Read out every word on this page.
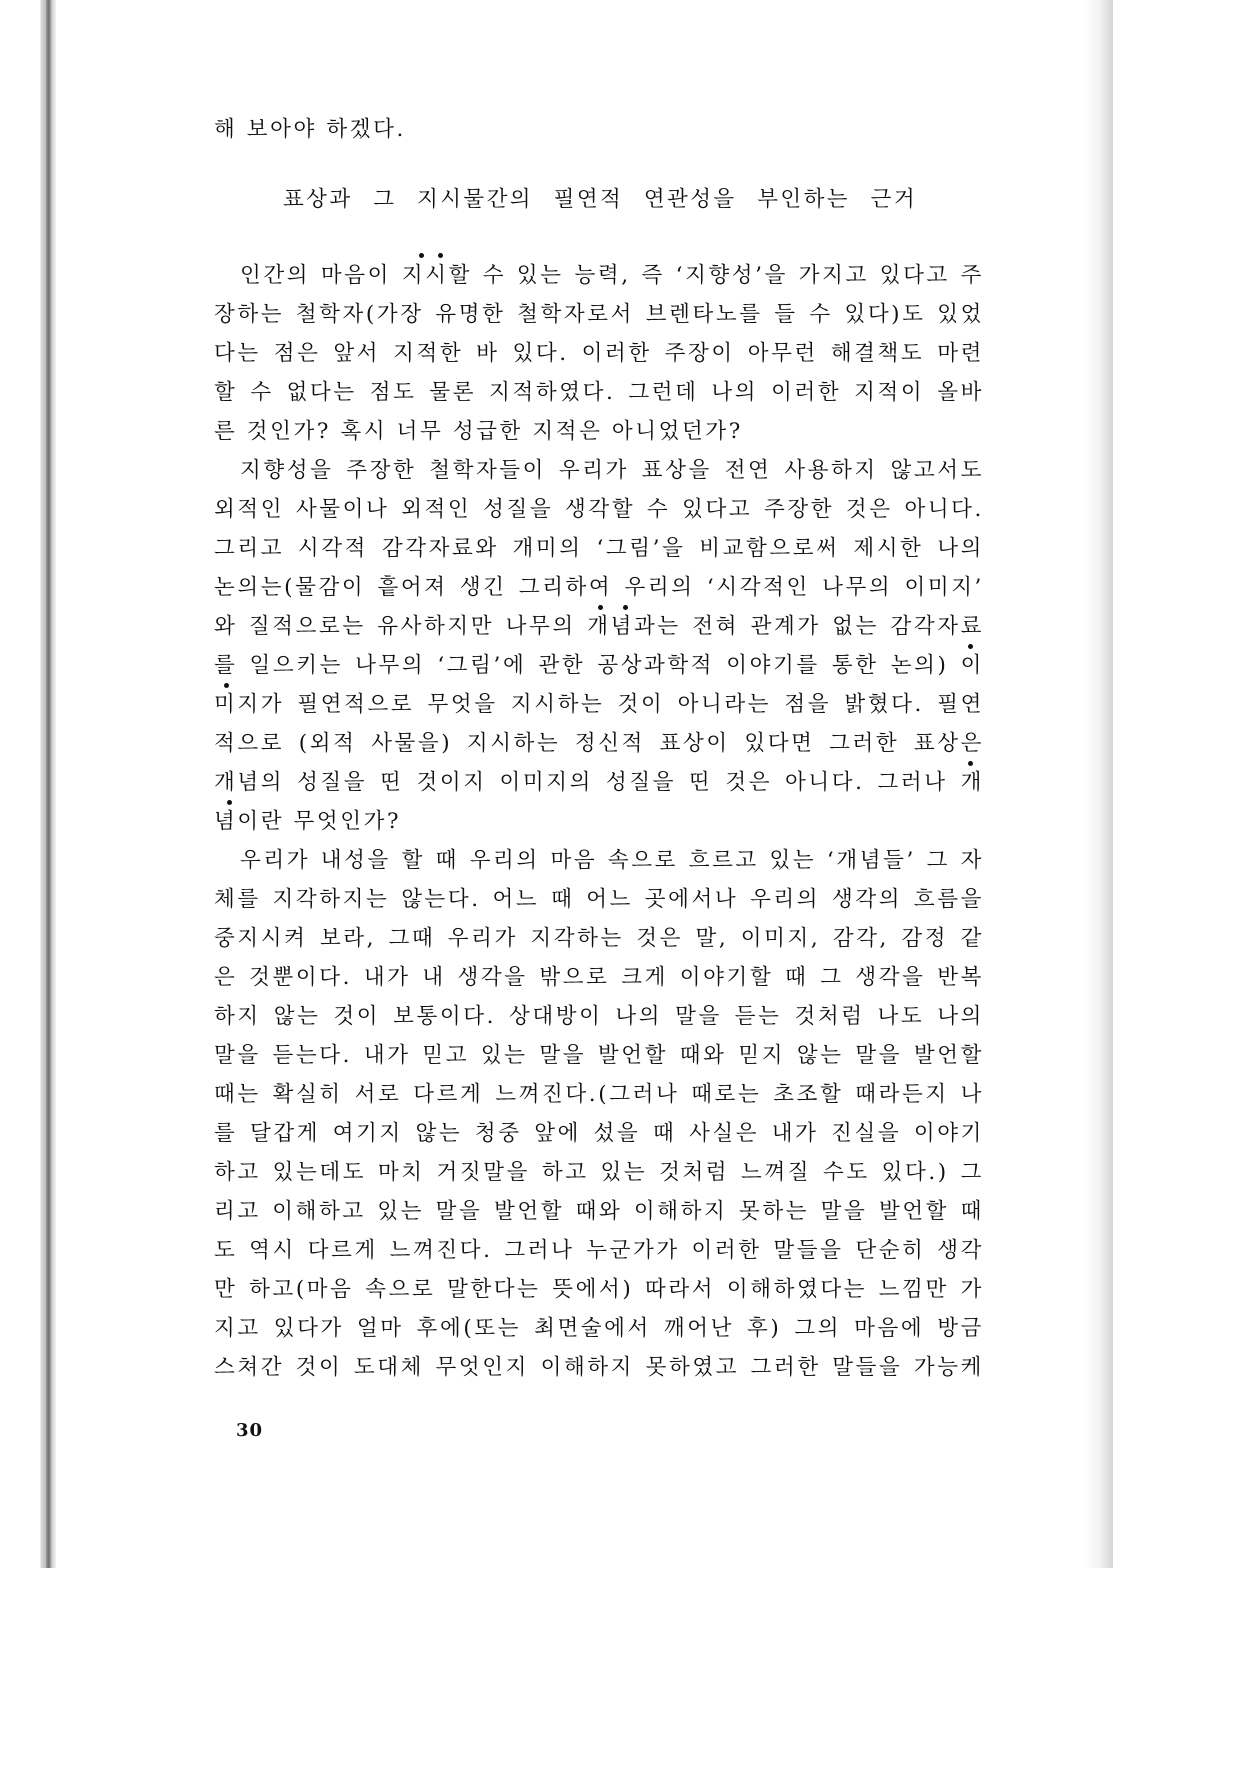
해 보아야 하겠다.
표상과 그 지시물간의 필연적 연관성을 부인하는 근거
인간의 마음이 지시할 수 있는 능력, 즉 ‘지향성’을 가지고 있다고 주
장하는 철학자(가장 유명한 철학자로서 브렌타노를 들 수 있다)도 있었
다는 점은 앞서 지적한 바 있다. 이러한 주장이 아무런 해결책도 마련
할 수 없다는 점도 물론 지적하였다. 그런데 나의 이러한 지적이 올바
른 것인가? 혹시 너무 성급한 지적은 아니었던가?
지향성을 주장한 철학자들이 우리가 표상을 전연 사용하지 않고서도
외적인 사물이나 외적인 성질을 생각할 수 있다고 주장한 것은 아니다.
그리고 시각적 감각자료와 개미의 ‘그림’을 비교함으로써 제시한 나의
논의는(물감이 흩어져 생긴 그리하여 우리의 ‘시각적인 나무의 이미지’
와 질적으로는 유사하지만 나무의 개념과는 전혀 관계가 없는 감각자료
를 일으키는 나무의 ‘그림’에 관한 공상과학적 이야기를 통한 논의) 이
미지가 필연적으로 무엇을 지시하는 것이 아니라는 점을 밝혔다. 필연
적으로 (외적 사물을) 지시하는 정신적 표상이 있다면 그러한 표상은
개념의 성질을 띤 것이지 이미지의 성질을 띤 것은 아니다. 그러나 개
념이란 무엇인가?
우리가 내성을 할 때 우리의 마음 속으로 흐르고 있는 ‘개념들’ 그 자
체를 지각하지는 않는다. 어느 때 어느 곳에서나 우리의 생각의 흐름을
중지시켜 보라, 그때 우리가 지각하는 것은 말, 이미지, 감각, 감정 같
은 것뿐이다. 내가 내 생각을 밖으로 크게 이야기할 때 그 생각을 반복
하지 않는 것이 보통이다. 상대방이 나의 말을 듣는 것처럼 나도 나의
말을 듣는다. 내가 믿고 있는 말을 발언할 때와 믿지 않는 말을 발언할
때는 확실히 서로 다르게 느껴진다.(그러나 때로는 초조할 때라든지 나
를 달갑게 여기지 않는 청중 앞에 섰을 때 사실은 내가 진실을 이야기
하고 있는데도 마치 거짓말을 하고 있는 것처럼 느껴질 수도 있다.) 그
리고 이해하고 있는 말을 발언할 때와 이해하지 못하는 말을 발언할 때
도 역시 다르게 느껴진다. 그러나 누군가가 이러한 말들을 단순히 생각
만 하고(마음 속으로 말한다는 뜻에서) 따라서 이해하였다는 느낌만 가
지고 있다가 얼마 후에(또는 최면술에서 깨어난 후) 그의 마음에 방금
스쳐간 것이 도대체 무엇인지 이해하지 못하였고 그러한 말들을 가능케
30
